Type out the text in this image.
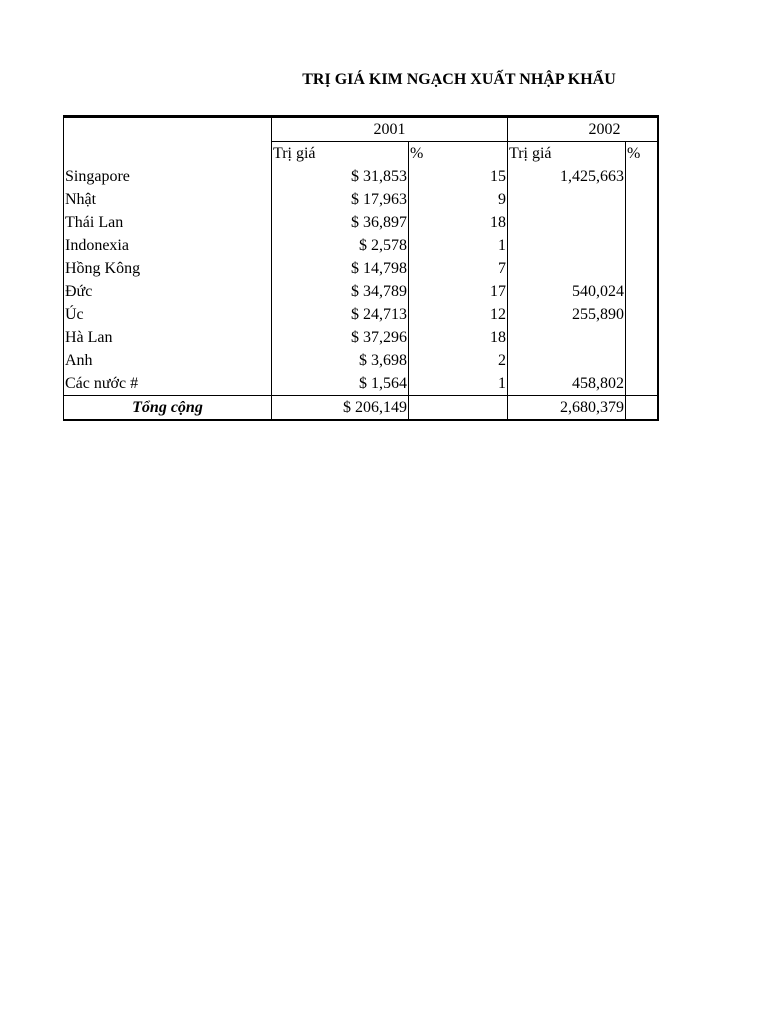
TRỊ GIÁ KIM NGẠCH XUẤT NHẬP KHẨU
	2001		2002	
	Trị giá	%	Trị giá	%
Singapore	$ 31,853	15	1,425,663	
Nhật	$ 17,963	9		
Thái Lan	$ 36,897	18		
Indonexia	$ 2,578	1		
Hồng Kông	$ 14,798	7		
Đức	$ 34,789	17	540,024	
Úc	$ 24,713	12	255,890	
Hà Lan	$ 37,296	18		
Anh	$ 3,698	2		
Các nước #	$ 1,564	1	458,802	
Tổng cộng	$ 206,149		2,680,379	
